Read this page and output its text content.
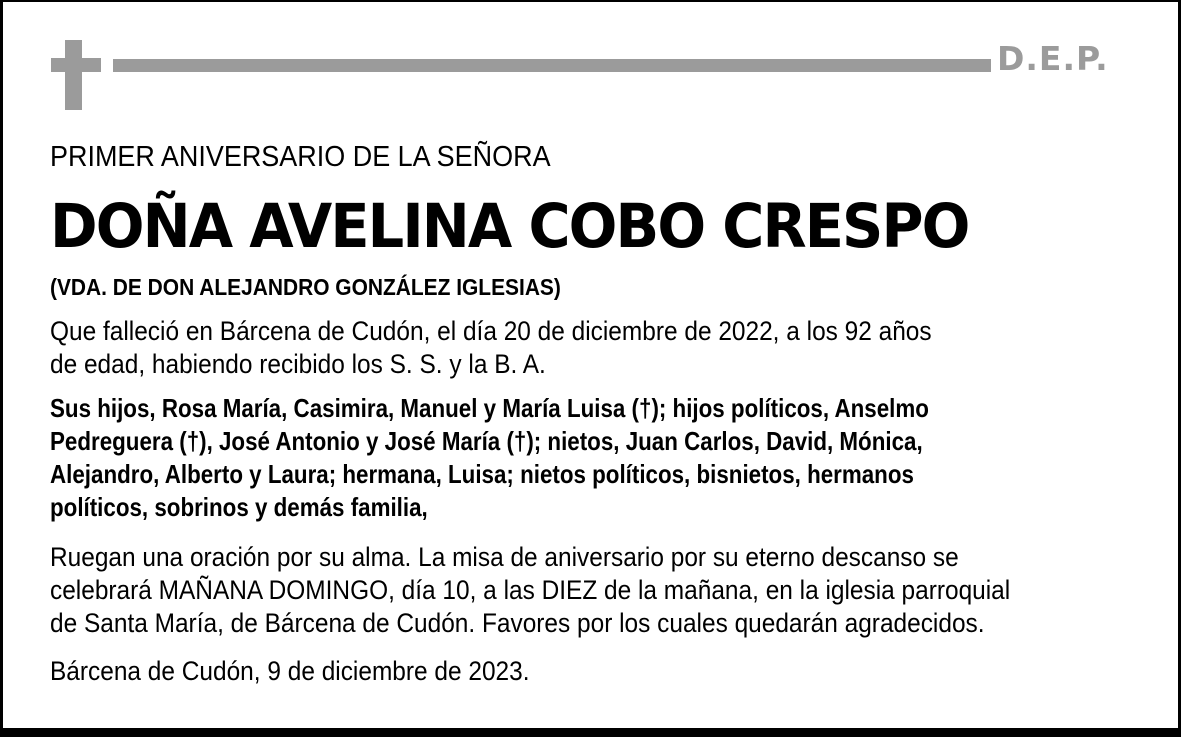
D.E.P.
PRIMER ANIVERSARIO DE LA SEÑORA
DOÑA AVELINA COBO CRESPO
(VDA. DE DON ALEJANDRO GONZÁLEZ IGLESIAS)
Que falleció en Bárcena de Cudón, el día 20 de diciembre de 2022, a los 92 años
de edad, habiendo recibido los S. S. y la B. A.
Sus hijos, Rosa María, Casimira, Manuel y María Luisa (†); hijos políticos, Anselmo
Pedreguera (†), José Antonio y José María (†); nietos, Juan Carlos, David, Mónica,
Alejandro, Alberto y Laura; hermana, Luisa; nietos políticos, bisnietos, hermanos
políticos, sobrinos y demás familia,
Ruegan una oración por su alma. La misa de aniversario por su eterno descanso se
celebrará MAÑANA DOMINGO, día 10, a las DIEZ de la mañana, en la iglesia parroquial
de Santa María, de Bárcena de Cudón. Favores por los cuales quedarán agradecidos.
Bárcena de Cudón, 9 de diciembre de 2023.
